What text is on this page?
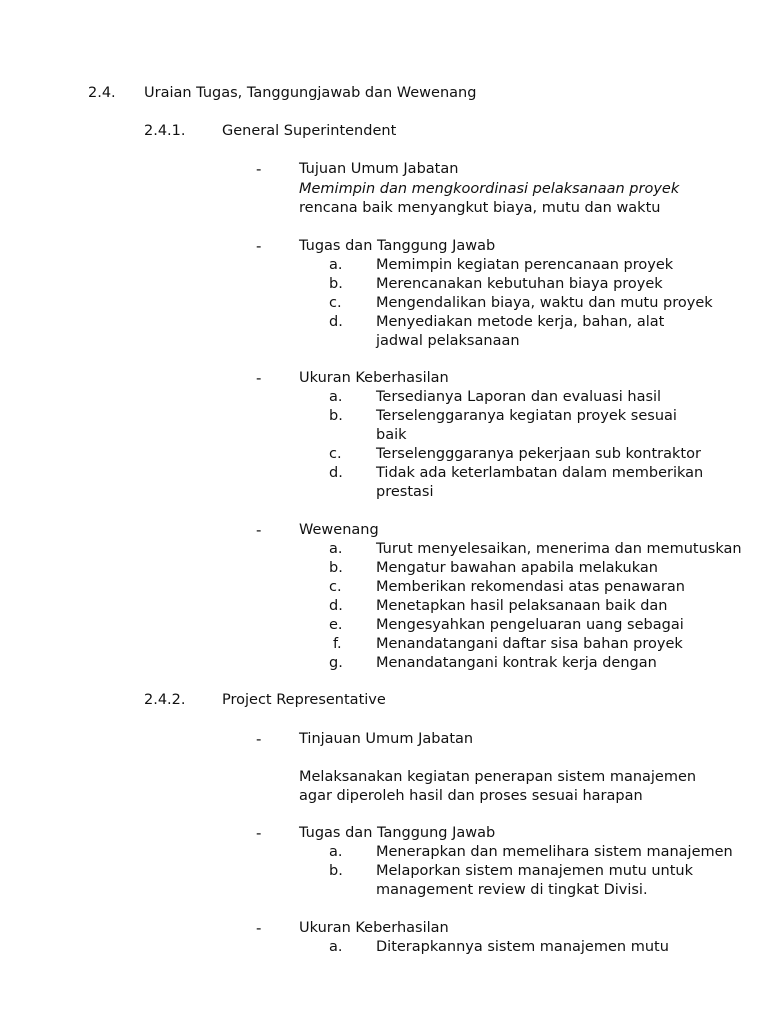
2.4. Uraian Tugas, Tanggungjawab dan Wewenang
2.4.1.	General Superintendent
-	Tujuan Umum Jabatan
Memimpin dan mengkoordinasi pelaksanaan proyek
rencana baik menyangkut biaya, mutu dan waktu
-	Tugas dan Tanggung Jawab
a.	Memimpin kegiatan perencanaan proyek
b.	Merencanakan kebutuhan biaya proyek
c.	Mengendalikan biaya, waktu dan mutu proyek
d.	Menyediakan metode kerja, bahan, alat
jadwal pelaksanaan
-	Ukuran Keberhasilan
a.	Tersedianya Laporan dan evaluasi hasil
b.	Terselenggaranya kegiatan proyek sesuai
baik
c.	Terselengggaranya pekerjaan sub kontraktor
d.	Tidak ada keterlambatan dalam memberikan
prestasi
-	Wewenang
a.	Turut menyelesaikan, menerima dan memutuskan
b.	Mengatur bawahan apabila melakukan
c.	Memberikan rekomendasi atas penawaran
d.	Menetapkan hasil pelaksanaan baik dan
e.	Mengesyahkan pengeluaran uang sebagai
f.	Menandatangani daftar sisa bahan proyek
g.	Menandatangani kontrak kerja dengan
2.4.2.	Project Representative
-	Tinjauan Umum Jabatan
Melaksanakan kegiatan penerapan sistem manajemen
agar diperoleh hasil dan proses sesuai harapan
-	Tugas dan Tanggung Jawab
a.	Menerapkan dan memelihara sistem manajemen
b.	Melaporkan sistem manajemen mutu untuk
management review di tingkat Divisi.
-	Ukuran Keberhasilan
a.	Diterapkannya sistem manajemen mutu
